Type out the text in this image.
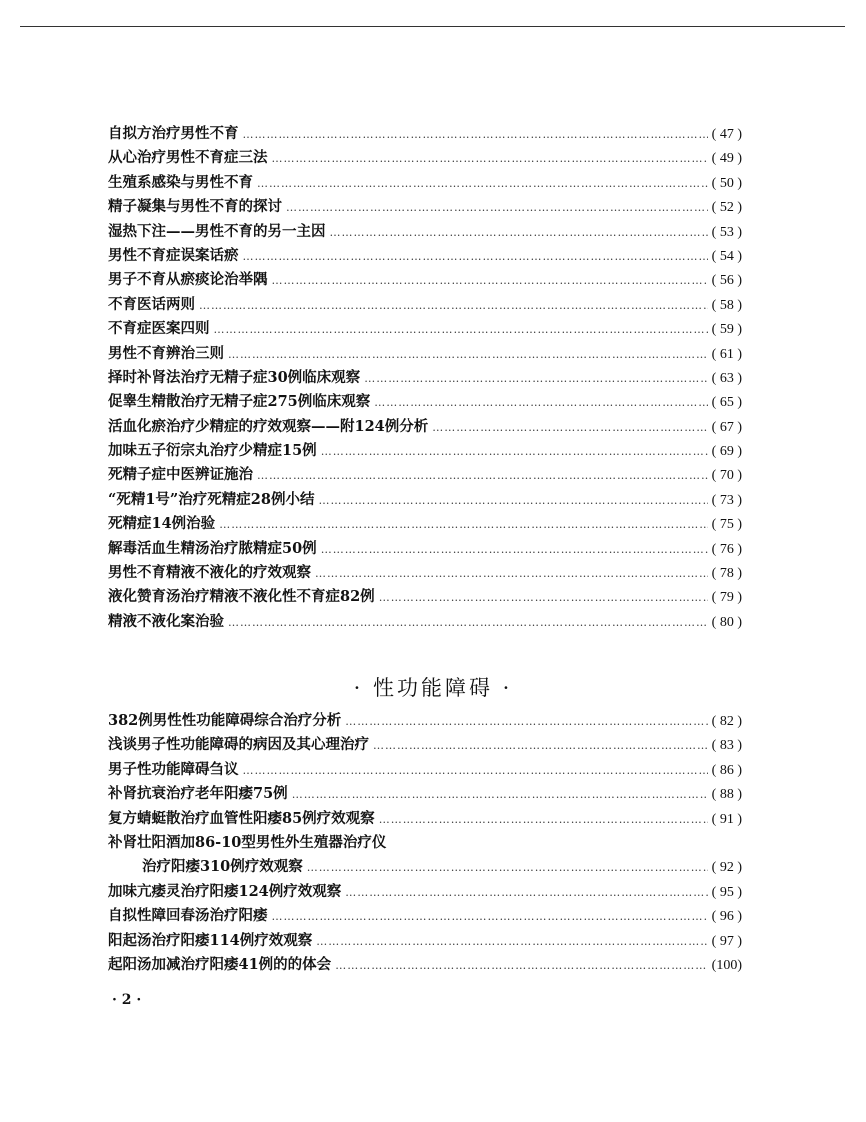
自拟方治疗男性不育 ……………………………………………………………………………………………………………………………………………………	( 47 )
从心治疗男性不育症三法 ……………………………………………………………………………………………………………………………………………………	( 49 )
生殖系感染与男性不育 ……………………………………………………………………………………………………………………………………………………	( 50 )
精子凝集与男性不育的探讨 ……………………………………………………………………………………………………………………………………………………	( 52 )
湿热下注——男性不育的另一主因 ……………………………………………………………………………………………………………………………………………………	( 53 )
男性不育症误案话瘀 ……………………………………………………………………………………………………………………………………………………	( 54 )
男子不育从瘀痰论治举隅 ……………………………………………………………………………………………………………………………………………………	( 56 )
不育医话两则 ……………………………………………………………………………………………………………………………………………………	( 58 )
不育症医案四则 ……………………………………………………………………………………………………………………………………………………	( 59 )
男性不育辨治三则 ……………………………………………………………………………………………………………………………………………………	( 61 )
择时补肾法治疗无精子症30例临床观察 ……………………………………………………………………………………………………………………………………………………	( 63 )
促睾生精散治疗无精子症275例临床观察 ……………………………………………………………………………………………………………………………………………………	( 65 )
活血化瘀治疗少精症的疗效观察——附124例分析 ……………………………………………………………………………………………………………………………………………………	( 67 )
加味五子衍宗丸治疗少精症15例 ……………………………………………………………………………………………………………………………………………………	( 69 )
死精子症中医辨证施治 ……………………………………………………………………………………………………………………………………………………	( 70 )
“死精1号”治疗死精症28例小结 ……………………………………………………………………………………………………………………………………………………	( 73 )
死精症14例治验 ……………………………………………………………………………………………………………………………………………………	( 75 )
解毒活血生精汤治疗脓精症50例 ……………………………………………………………………………………………………………………………………………………	( 76 )
男性不育精液不液化的疗效观察 ……………………………………………………………………………………………………………………………………………………	( 78 )
液化赞育汤治疗精液不液化性不育症82例 ……………………………………………………………………………………………………………………………………………………	( 79 )
精液不液化案治验 ……………………………………………………………………………………………………………………………………………………	( 80 )
· 性功能障碍 ·
382例男性性功能障碍综合治疗分析 ……………………………………………………………………………………………………………………………………………………	( 82 )
浅谈男子性功能障碍的病因及其心理治疗 ……………………………………………………………………………………………………………………………………………………	( 83 )
男子性功能障碍刍议 ……………………………………………………………………………………………………………………………………………………	( 86 )
补肾抗衰治疗老年阳痿75例 ……………………………………………………………………………………………………………………………………………………	( 88 )
复方蜻蜓散治疗血管性阳痿85例疗效观察 ……………………………………………………………………………………………………………………………………………………	( 91 )
补肾壮阳酒加86-10型男性外生殖器治疗仪
治疗阳痿310例疗效观察 ……………………………………………………………………………………………………………………………………………………	( 92 )
加味亢痿灵治疗阳痿124例疗效观察 ……………………………………………………………………………………………………………………………………………………	( 95 )
自拟性障回春汤治疗阳痿 ……………………………………………………………………………………………………………………………………………………	( 96 )
阳起汤治疗阳痿114例疗效观察 ……………………………………………………………………………………………………………………………………………………	( 97 )
起阳汤加减治疗阳痿41例的的体会 ……………………………………………………………………………………………………………………………………………………	(100)
· 2 ·
